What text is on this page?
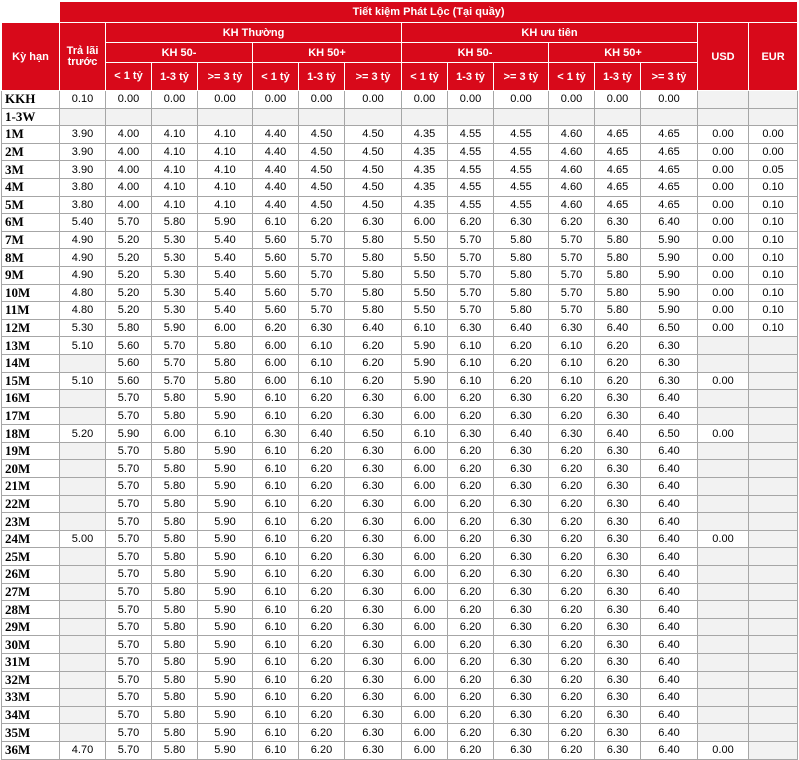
	Tiết kiệm Phát Lộc (Tại quầy)														
Kỳ hạn	Trả lãi trước	KH Thường						KH ưu tiên						USD	EUR
		KH 50-			KH 50+			KH 50-			KH 50+				
		< 1 tỷ	1-3 tỷ	>= 3 tỷ	< 1 tỷ	1-3 tỷ	>= 3 tỷ	< 1 tỷ	1-3 tỷ	>= 3 tỷ	< 1 tỷ	1-3 tỷ	>= 3 tỷ		
KKH	0.10	0.00	0.00	0.00	0.00	0.00	0.00	0.00	0.00	0.00	0.00	0.00	0.00		
1-3W															
1M	3.90	4.00	4.10	4.10	4.40	4.50	4.50	4.35	4.55	4.55	4.60	4.65	4.65	0.00	0.00
2M	3.90	4.00	4.10	4.10	4.40	4.50	4.50	4.35	4.55	4.55	4.60	4.65	4.65	0.00	0.00
3M	3.90	4.00	4.10	4.10	4.40	4.50	4.50	4.35	4.55	4.55	4.60	4.65	4.65	0.00	0.05
4M	3.80	4.00	4.10	4.10	4.40	4.50	4.50	4.35	4.55	4.55	4.60	4.65	4.65	0.00	0.10
5M	3.80	4.00	4.10	4.10	4.40	4.50	4.50	4.35	4.55	4.55	4.60	4.65	4.65	0.00	0.10
6M	5.40	5.70	5.80	5.90	6.10	6.20	6.30	6.00	6.20	6.30	6.20	6.30	6.40	0.00	0.10
7M	4.90	5.20	5.30	5.40	5.60	5.70	5.80	5.50	5.70	5.80	5.70	5.80	5.90	0.00	0.10
8M	4.90	5.20	5.30	5.40	5.60	5.70	5.80	5.50	5.70	5.80	5.70	5.80	5.90	0.00	0.10
9M	4.90	5.20	5.30	5.40	5.60	5.70	5.80	5.50	5.70	5.80	5.70	5.80	5.90	0.00	0.10
10M	4.80	5.20	5.30	5.40	5.60	5.70	5.80	5.50	5.70	5.80	5.70	5.80	5.90	0.00	0.10
11M	4.80	5.20	5.30	5.40	5.60	5.70	5.80	5.50	5.70	5.80	5.70	5.80	5.90	0.00	0.10
12M	5.30	5.80	5.90	6.00	6.20	6.30	6.40	6.10	6.30	6.40	6.30	6.40	6.50	0.00	0.10
13M	5.10	5.60	5.70	5.80	6.00	6.10	6.20	5.90	6.10	6.20	6.10	6.20	6.30		
14M		5.60	5.70	5.80	6.00	6.10	6.20	5.90	6.10	6.20	6.10	6.20	6.30		
15M	5.10	5.60	5.70	5.80	6.00	6.10	6.20	5.90	6.10	6.20	6.10	6.20	6.30	0.00	
16M		5.70	5.80	5.90	6.10	6.20	6.30	6.00	6.20	6.30	6.20	6.30	6.40		
17M		5.70	5.80	5.90	6.10	6.20	6.30	6.00	6.20	6.30	6.20	6.30	6.40		
18M	5.20	5.90	6.00	6.10	6.30	6.40	6.50	6.10	6.30	6.40	6.30	6.40	6.50	0.00	
19M		5.70	5.80	5.90	6.10	6.20	6.30	6.00	6.20	6.30	6.20	6.30	6.40		
20M		5.70	5.80	5.90	6.10	6.20	6.30	6.00	6.20	6.30	6.20	6.30	6.40		
21M		5.70	5.80	5.90	6.10	6.20	6.30	6.00	6.20	6.30	6.20	6.30	6.40		
22M		5.70	5.80	5.90	6.10	6.20	6.30	6.00	6.20	6.30	6.20	6.30	6.40		
23M		5.70	5.80	5.90	6.10	6.20	6.30	6.00	6.20	6.30	6.20	6.30	6.40		
24M	5.00	5.70	5.80	5.90	6.10	6.20	6.30	6.00	6.20	6.30	6.20	6.30	6.40	0.00	
25M		5.70	5.80	5.90	6.10	6.20	6.30	6.00	6.20	6.30	6.20	6.30	6.40		
26M		5.70	5.80	5.90	6.10	6.20	6.30	6.00	6.20	6.30	6.20	6.30	6.40		
27M		5.70	5.80	5.90	6.10	6.20	6.30	6.00	6.20	6.30	6.20	6.30	6.40		
28M		5.70	5.80	5.90	6.10	6.20	6.30	6.00	6.20	6.30	6.20	6.30	6.40		
29M		5.70	5.80	5.90	6.10	6.20	6.30	6.00	6.20	6.30	6.20	6.30	6.40		
30M		5.70	5.80	5.90	6.10	6.20	6.30	6.00	6.20	6.30	6.20	6.30	6.40		
31M		5.70	5.80	5.90	6.10	6.20	6.30	6.00	6.20	6.30	6.20	6.30	6.40		
32M		5.70	5.80	5.90	6.10	6.20	6.30	6.00	6.20	6.30	6.20	6.30	6.40		
33M		5.70	5.80	5.90	6.10	6.20	6.30	6.00	6.20	6.30	6.20	6.30	6.40		
34M		5.70	5.80	5.90	6.10	6.20	6.30	6.00	6.20	6.30	6.20	6.30	6.40		
35M		5.70	5.80	5.90	6.10	6.20	6.30	6.00	6.20	6.30	6.20	6.30	6.40		
36M	4.70	5.70	5.80	5.90	6.10	6.20	6.30	6.00	6.20	6.30	6.20	6.30	6.40	0.00	
